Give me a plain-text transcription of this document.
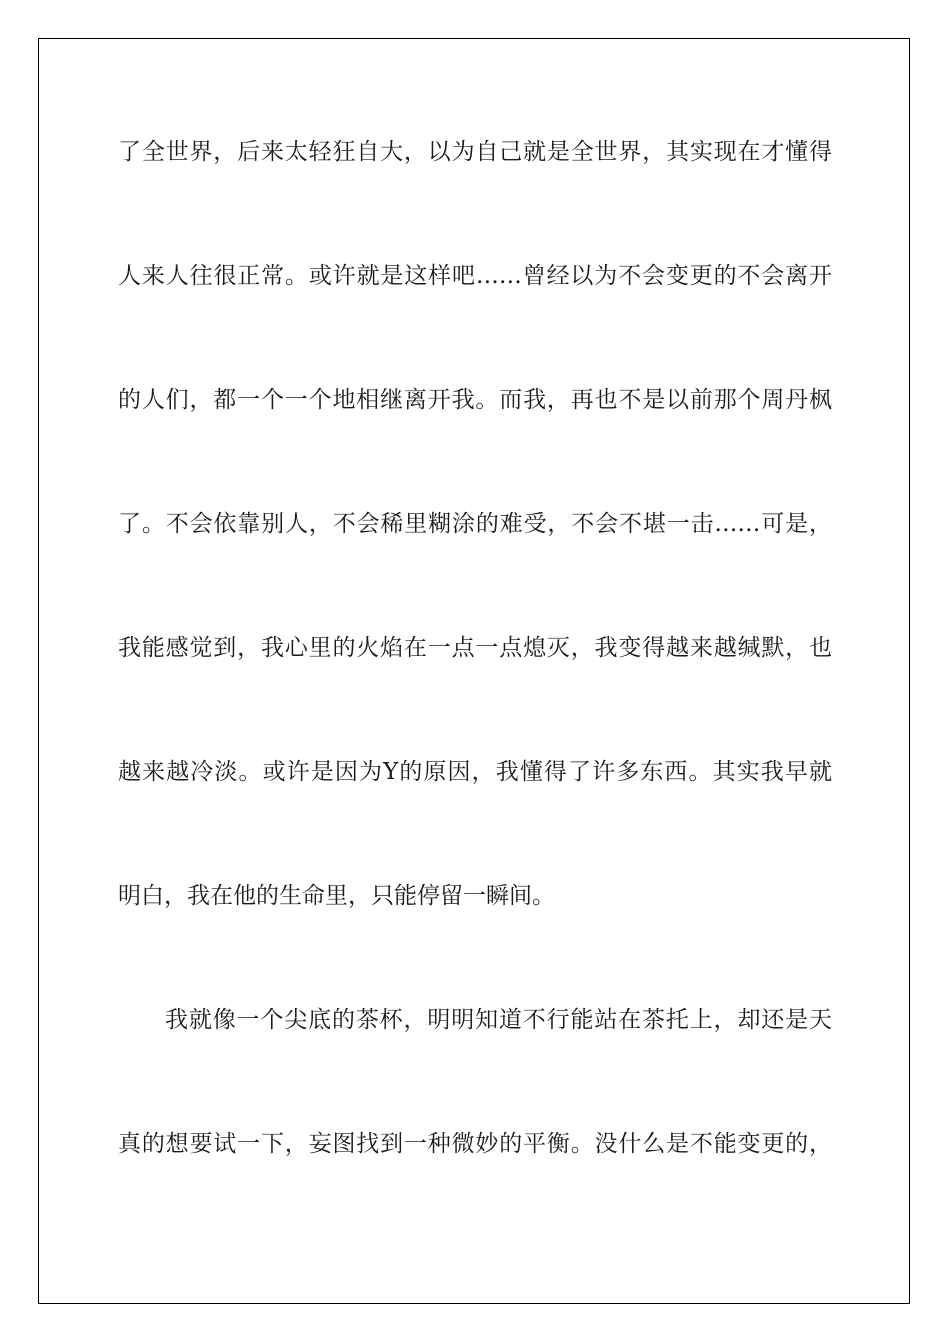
了全世界，后来太轻狂自大，以为自己就是全世界，其实现在才懂得
人来人往很正常。或许就是这样吧……曾经以为不会变更的不会离开
的人们，都一个一个地相继离开我。而我，再也不是以前那个周丹枫
了。不会依靠别人，不会稀里糊涂的难受，不会不堪一击……可是，
我能感觉到，我心里的火焰在一点一点熄灭，我变得越来越缄默，也
越来越冷淡。或许是因为Y的原因，我懂得了许多东西。其实我早就
明白，我在他的生命里，只能停留一瞬间。
我就像一个尖底的茶杯，明明知道不行能站在茶托上，却还是天
真的想要试一下，妄图找到一种微妙的平衡。没什么是不能变更的，
